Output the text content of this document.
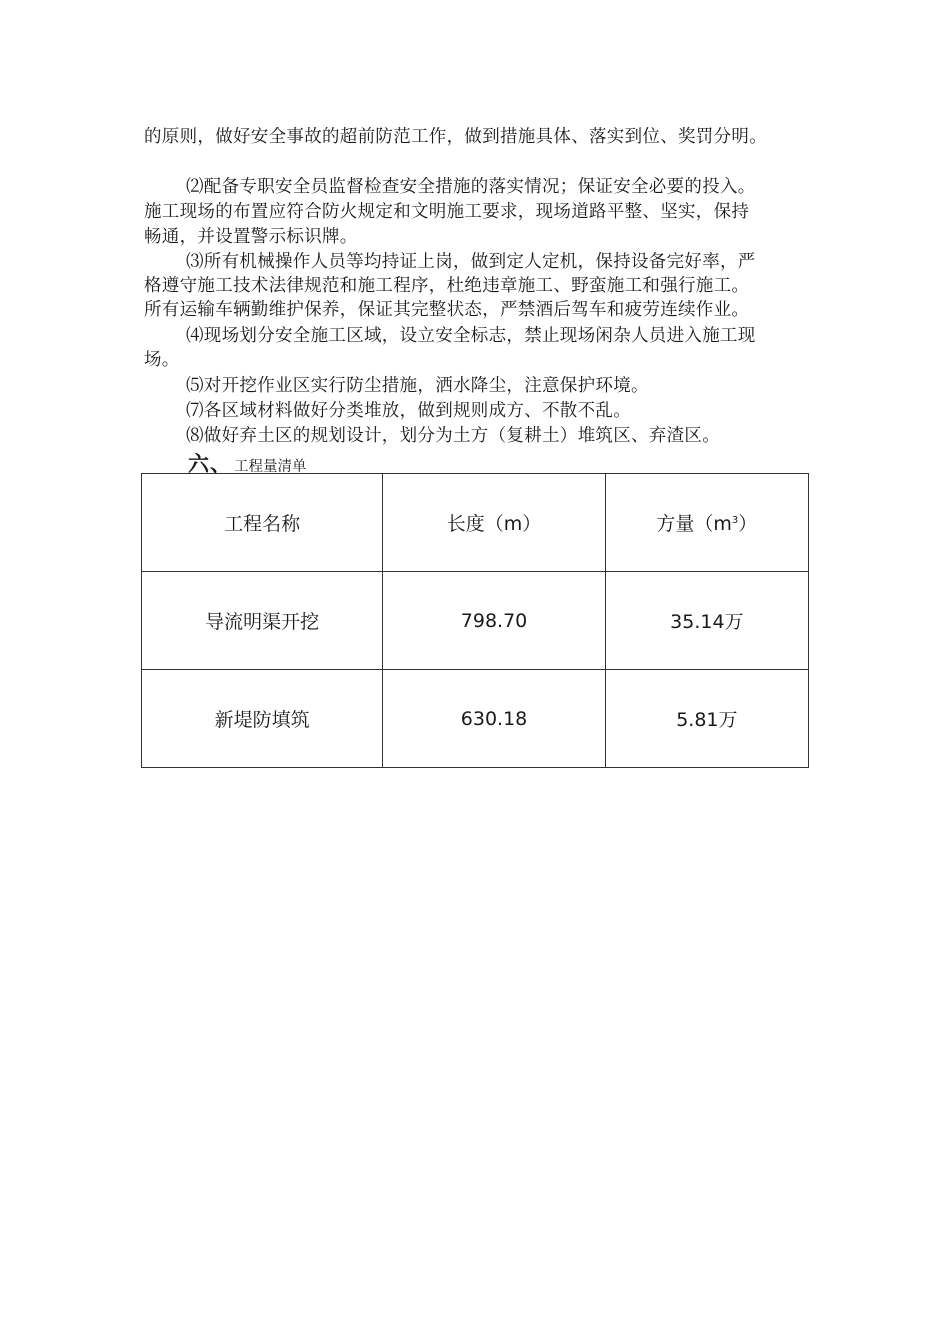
的原则，做好安全事故的超前防范工作，做到措施具体、落实到位、奖罚分明。
⑵配备专职安全员监督检查安全措施的落实情况；保证安全必要的投入。
施工现场的布置应符合防火规定和文明施工要求，现场道路平整、坚实，保持
畅通，并设置警示标识牌。
⑶所有机械操作人员等均持证上岗，做到定人定机，保持设备完好率，严
格遵守施工技术法律规范和施工程序，杜绝违章施工、野蛮施工和强行施工。
所有运输车辆勤维护保养，保证其完整状态，严禁酒后驾车和疲劳连续作业。
⑷现场划分安全施工区域，设立安全标志，禁止现场闲杂人员进入施工现
场。
⑸对开挖作业区实行防尘措施，洒水降尘，注意保护环境。
⑺各区域材料做好分类堆放，做到规则成方、不散不乱。
⑻做好弃土区的规划设计，划分为土方（复耕土）堆筑区、弃渣区。
六、 工程量清单
工程名称	长度（m）	方量$(m^3)$
导流明渠开挖	798.70	35.14万
新堤防填筑	630.18	5.81万
